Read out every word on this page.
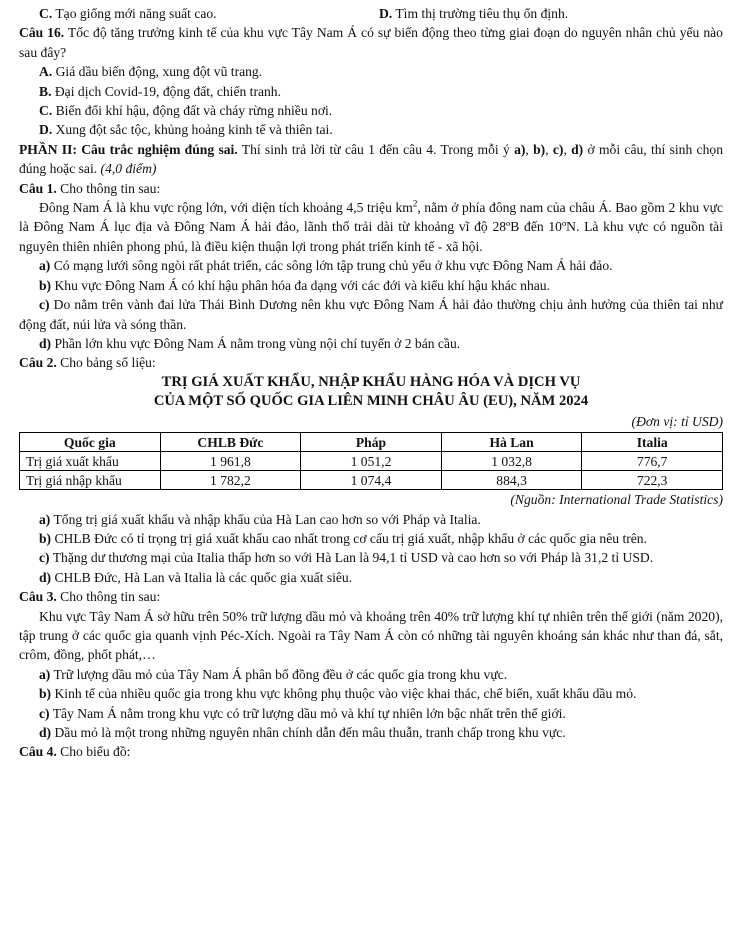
C. Tạo giống mới năng suất cao.	D. Tìm thị trường tiêu thụ ổn định.

Câu 16. Tốc độ tăng trưởng kinh tế của khu vực Tây Nam Á có sự biến động theo từng giai đoạn do nguyên nhân chủ yếu nào sau đây?

A. Giá dầu biến động, xung đột vũ trang.

B. Đại dịch Covid-19, động đất, chiến tranh.

C. Biến đổi khí hậu, động đất và cháy rừng nhiều nơi.

D. Xung đột sắc tộc, khủng hoảng kinh tế và thiên tai.

PHẦN II: Câu trắc nghiệm đúng sai. Thí sinh trả lời từ câu 1 đến câu 4. Trong mỗi ý a), b), c), d) ở mỗi câu, thí sinh chọn đúng hoặc sai. (4,0 điểm)

Câu 1. Cho thông tin sau:

Đông Nam Á là khu vực rộng lớn, với diện tích khoảng 4,5 triệu $km^2$, nằm ở phía đông nam của châu Á. Bao gồm 2 khu vực là Đông Nam Á lục địa và Đông Nam Á hải đảo, lãnh thổ trải dài từ khoảng vĩ độ 28ºB đến 10ºN. Là khu vực có nguồn tài nguyên thiên nhiên phong phú, là điều kiện thuận lợi trong phát triển kinh tế - xã hội.

a) Có mạng lưới sông ngòi rất phát triển, các sông lớn tập trung chủ yếu ở khu vực Đông Nam Á hải đảo.

b) Khu vực Đông Nam Á có khí hậu phân hóa đa dạng với các đới và kiểu khí hậu khác nhau.

c) Do nằm trên vành đai lửa Thái Bình Dương nên khu vực Đông Nam Á hải đảo thường chịu ảnh hưởng của thiên tai như động đất, núi lửa và sóng thần.

d) Phần lớn khu vực Đông Nam Á nằm trong vùng nội chí tuyến ở 2 bán cầu.

Câu 2. Cho bảng số liệu:

TRỊ GIÁ XUẤT KHẨU, NHẬP KHẨU HÀNG HÓA VÀ DỊCH VỤ

CỦA MỘT SỐ QUỐC GIA LIÊN MINH CHÂU ÂU (EU), NĂM 2024

(Đơn vị: tỉ USD)

Quốc gia	CHLB Đức	Pháp	Hà Lan	Italia
Trị giá xuất khẩu	1 961,8	1 051,2	1 032,8	776,7
Trị giá nhập khẩu	1 782,2	1 074,4	884,3	722,3

(Nguồn: International Trade Statistics)

a) Tổng trị giá xuất khẩu và nhập khẩu của Hà Lan cao hơn so với Pháp và Italia.

b) CHLB Đức có tỉ trọng trị giá xuất khẩu cao nhất trong cơ cấu trị giá xuất, nhập khẩu ở các quốc gia nêu trên.

c) Thặng dư thương mại của Italia thấp hơn so với Hà Lan là 94,1 tỉ USD và cao hơn so với Pháp là 31,2 tỉ USD.

d) CHLB Đức, Hà Lan và Italia là các quốc gia xuất siêu.

Câu 3. Cho thông tin sau:

Khu vực Tây Nam Á sở hữu trên 50% trữ lượng dầu mỏ và khoảng trên 40% trữ lượng khí tự nhiên trên thế giới (năm 2020), tập trung ở các quốc gia quanh vịnh Péc-Xích. Ngoài ra Tây Nam Á còn có những tài nguyên khoáng sản khác như than đá, sắt, crôm, đồng, phốt phát,…

a) Trữ lượng dầu mỏ của Tây Nam Á phân bố đồng đều ở các quốc gia trong khu vực.

b) Kinh tế của nhiều quốc gia trong khu vực không phụ thuộc vào việc khai thác, chế biến, xuất khẩu dầu mỏ.

c) Tây Nam Á nằm trong khu vực có trữ lượng dầu mỏ và khí tự nhiên lớn bậc nhất trên thế giới.

d) Dầu mỏ là một trong những nguyên nhân chính dẫn đến mâu thuẫn, tranh chấp trong khu vực.

Câu 4. Cho biểu đồ:
